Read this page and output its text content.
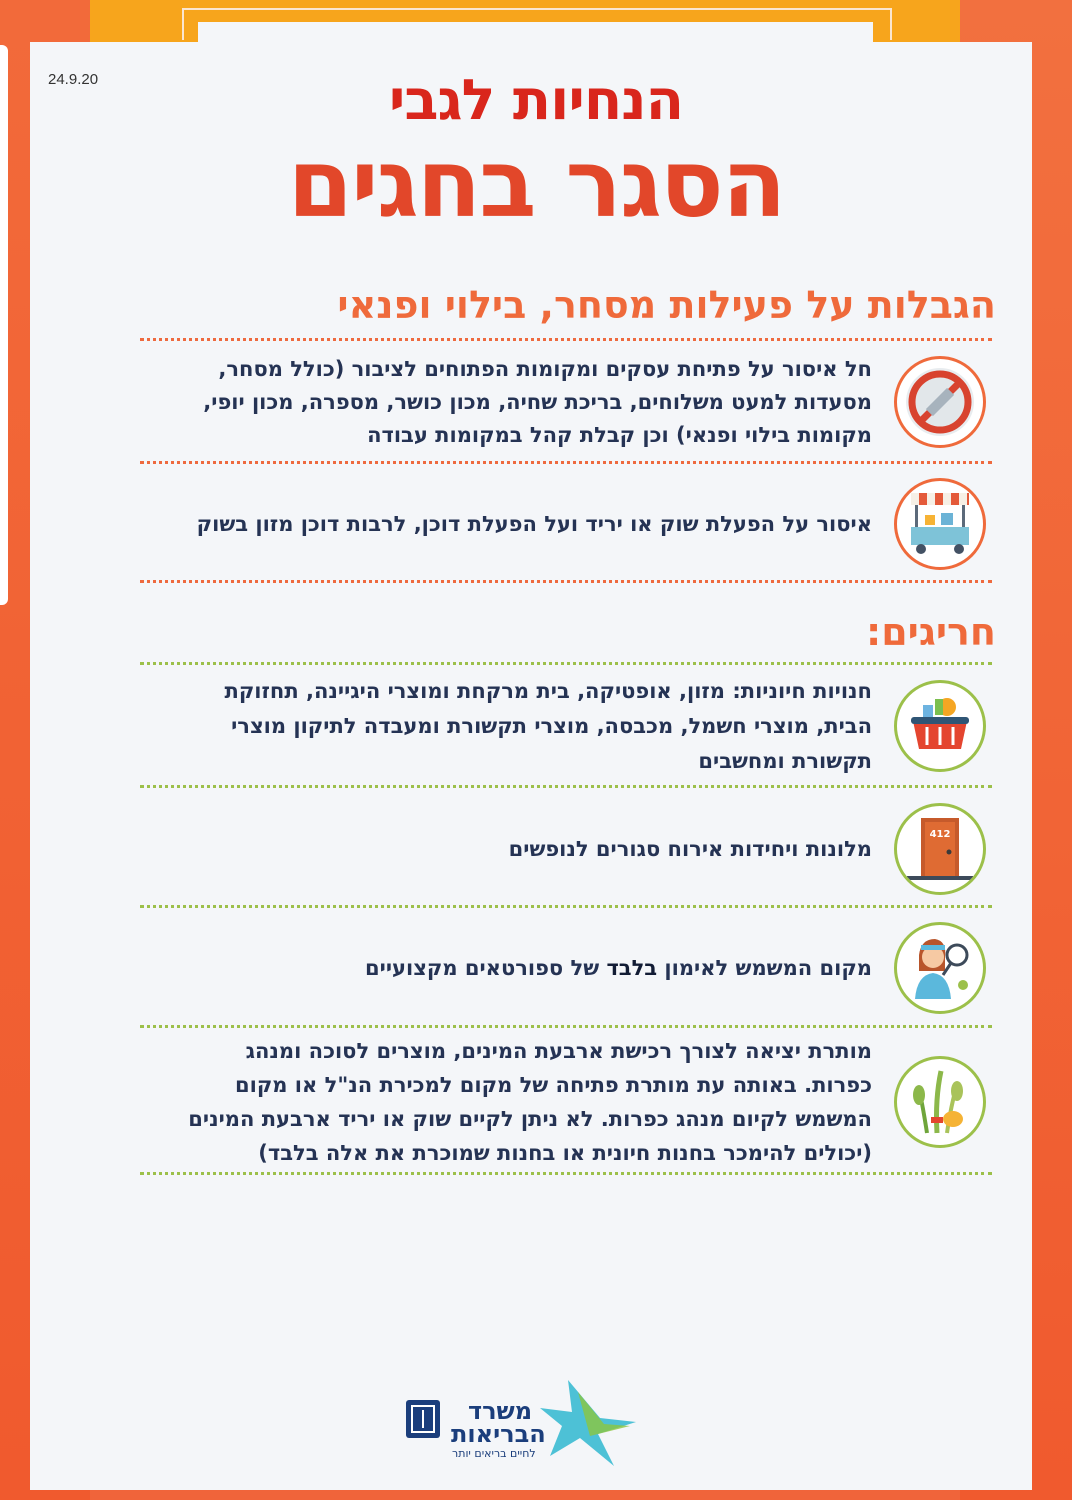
24.9.20	הנחיות לגבי
הסגר בחגים
הגבלות על פעילות מסחר, בילוי ופנאי
חל איסור על פתיחת עסקים ומקומות הפתוחים לציבור (כולל מסחר, מסעדות למעט משלוחים, בריכת שחיה, מכון כושר, מספרה, מכון יופי, מקומות בילוי ופנאי) וכן קבלת קהל במקומות עבודה
איסור על הפעלת שוק או יריד ועל הפעלת דוכן, לרבות דוכן מזון בשוק
חריגים:
חנויות חיוניות: מזון, אופטיקה, בית מרקחת ומוצרי היגיינה, תחזוקת הבית, מוצרי חשמל, מכבסה, מוצרי תקשורת ומעבדה לתיקון מוצרי תקשורת ומחשבים
412
מלונות ויחידות אירוח סגורים לנופשים
מקום המשמש לאימון בלבד של ספורטאים מקצועיים
מותרת יציאה לצורך רכישת ארבעת המינים, מוצרים לסוכה ומנהג כפרות. באותה עת מותרת פתיחה של מקום למכירת הנ"ל או מקום המשמש לקיום מנהג כפרות. לא ניתן לקיים שוק או יריד ארבעת המינים (יכולים להימכר בחנות חיונית או בחנות שמוכרת את אלה בלבד)
משרד
הבריאות
לחיים בריאים יותר
